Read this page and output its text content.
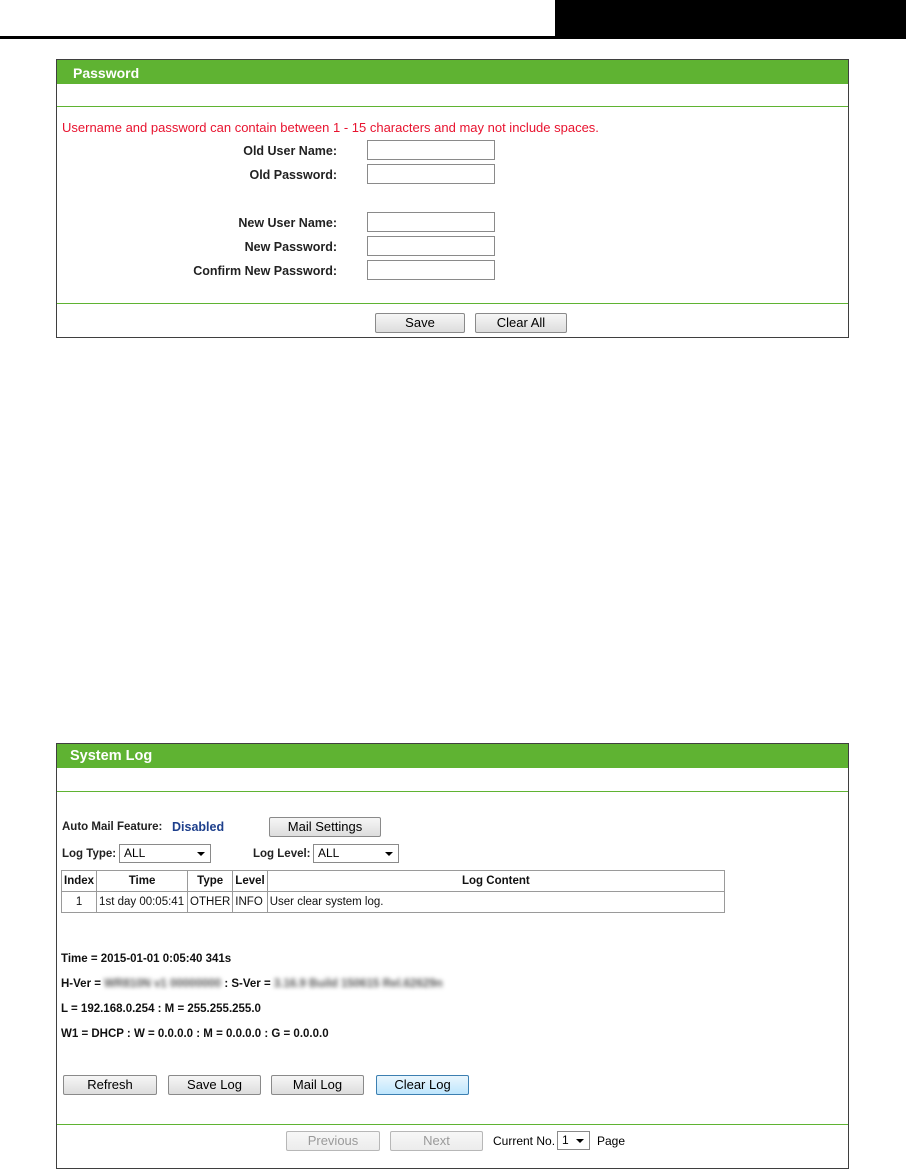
Password
Username and password can contain between 1 - 15 characters and may not include spaces.
Old User Name:
Old Password:
New User Name:
New Password:
Confirm New Password:
Save	Clear All
System Log
Auto Mail Feature: Disabled	Mail Settings
Log Type: ALL	Log Level: ALL
Index	Time	Type	Level	Log Content
1	1st day 00:05:41	OTHER	INFO	User clear system log.
Time = 2015-01-01 0:05:40 341s
H-Ver = WR810N v1 00000000 : S-Ver = 3.16.9 Build 150615 Rel.62629n
L = 192.168.0.254 : M = 255.255.255.0
W1 = DHCP : W = 0.0.0.0 : M = 0.0.0.0 : G = 0.0.0.0
Refresh	Save Log	Mail Log	Clear Log
Previous	Next	Current No. 1	Page
